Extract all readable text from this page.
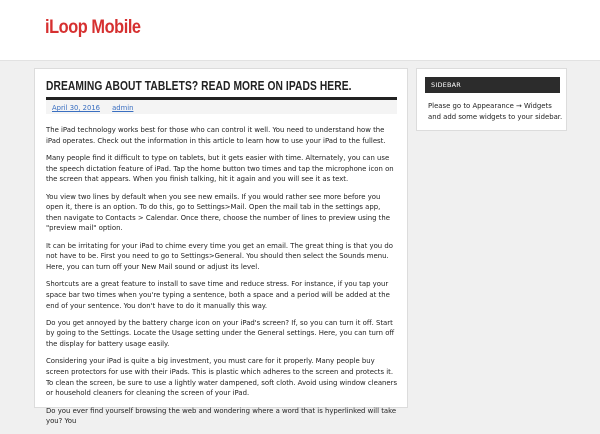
iLoop Mobile
DREAMING ABOUT TABLETS? READ MORE ON IPADS HERE.
April 30, 2016 admin

The iPad technology works best for those who can control it well. You need to understand how the iPad operates. Check out the information in this article to learn how to use your iPad to the fullest.

Many people find it difficult to type on tablets, but it gets easier with time. Alternately, you can use the speech dictation feature of iPad. Tap the home button two times and tap the microphone icon on the screen that appears. When you finish talking, hit it again and you will see it as text.

You view two lines by default when you see new emails. If you would rather see more before you open it, there is an option. To do this, go to Settings>Mail. Open the mail tab in the settings app, then navigate to Contacts > Calendar. Once there, choose the number of lines to preview using the "preview mail" option.

It can be irritating for your iPad to chime every time you get an email. The great thing is that you do not have to be. First you need to go to Settings>General. You should then select the Sounds menu. Here, you can turn off your New Mail sound or adjust its level.

Shortcuts are a great feature to install to save time and reduce stress. For instance, if you tap your space bar two times when you're typing a sentence, both a space and a period will be added at the end of your sentence. You don't have to do it manually this way.

Do you get annoyed by the battery charge icon on your iPad's screen? If, so you can turn it off. Start by going to the Settings. Locate the Usage setting under the General settings. Here, you can turn off the display for battery usage easily.

Considering your iPad is quite a big investment, you must care for it properly. Many people buy screen protectors for use with their iPads. This is plastic which adheres to the screen and protects it. To clean the screen, be sure to use a lightly water dampened, soft cloth. Avoid using window cleaners or household cleaners for cleaning the screen of your iPad.

Do you ever find yourself browsing the web and wondering where a word that is hyperlinked will take you? You

SIDEBAR
Please go to Appearance → Widgets and add some widgets to your sidebar.
